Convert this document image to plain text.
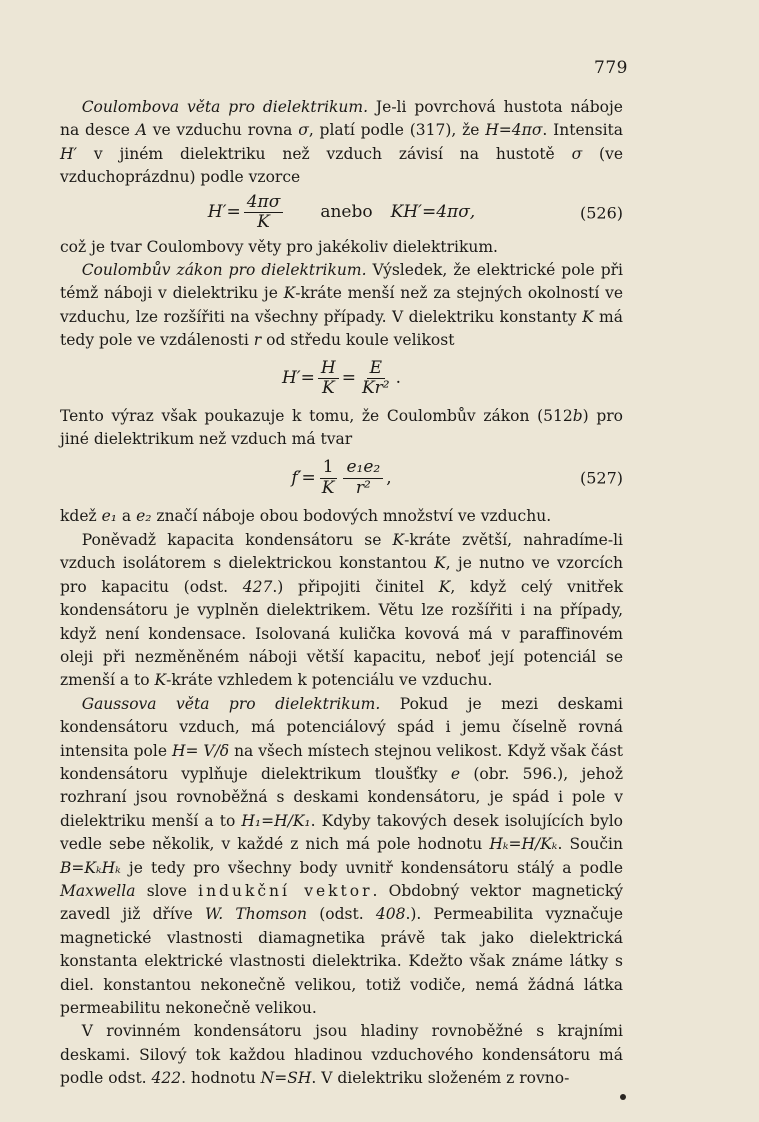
779

Coulombova věta pro dielektrikum. Je-li povrchová hustota náboje na desce A ve vzduchu rovna σ, platí podle (317), že H=4πσ. Intensita H′ v jiném dielektriku než vzduch závisí na hustotě σ (ve vzduchoprázdnu) podle vzorce

$H'= \frac{4\pi\sigma}{K}$ anebo KH′=4πσ,	(526)

což je tvar Coulombovy věty pro jakékoliv dielektrikum.

Coulombův zákon pro dielektrikum. Výsledek, že elektrické pole při témž náboji v dielektriku je K-kráte menší než za stejných okolností ve vzduchu, lze rozšířiti na všechny případy. V dielektriku konstanty K má tedy pole ve vzdálenosti r od středu koule velikost

$H'= \frac{H}{K} = \frac{E}{\text{Kr²}}$ .

Tento výraz však poukazuje k tomu, že Coulombův zákon (512b) pro jiné dielektrikum než vzduch má tvar

$f'= \frac{1}{K} \frac{\text{e₁e₂}}{\text{r²}}$ ,	(527)

kdež e₁ a e₂ značí náboje obou bodových množství ve vzduchu.

Poněvadž kapacita kondensátoru se K-kráte zvětší, nahradíme-li vzduch isolátorem s dielektrickou konstantou K, je nutno ve vzorcích pro kapacitu (odst. 427.) připojiti činitel K, když celý vnitřek kondensátoru je vyplněn dielektrikem. Větu lze rozšířiti i na případy, když není kondensace. Isolovaná kulička kovová má v paraffinovém oleji při nezměněném náboji větší kapacitu, neboť její potenciál se zmenší a to K-kráte vzhledem k potenciálu ve vzduchu.

Gaussova věta pro dielektrikum. Pokud je mezi deskami kondensátoru vzduch, má potenciálový spád i jemu číselně rovná intensita pole H= V/δ na všech místech stejnou velikost. Když však část kondensátoru vyplňuje dielektrikum tloušťky e (obr. 596.), jehož rozhraní jsou rovnoběžná s deskami kondensátoru, je spád i pole v dielektriku menší a to H₁=H/K₁. Kdyby takových desek isolujících bylo vedle sebe několik, v každé z nich má pole hodnotu Hₖ=H/Kₖ. Součin B=KₖHₖ je tedy pro všechny body uvnitř kondensátoru stálý a podle Maxwella slove indukční vektor. Obdobný vektor magnetický zavedl již dříve W. Thomson (odst. 408.). Permeabilita vyznačuje magnetické vlastnosti diamagnetika právě tak jako dielektrická konstanta elektrické vlastnosti dielektrika. Kdežto však známe látky s diel. konstantou nekonečně velikou, totiž vodiče, nemá žádná látka permeabilitu nekonečně velikou.

V rovinném kondensátoru jsou hladiny rovnoběžné s krajními deskami. Silový tok každou hladinou vzduchového kondensátoru má podle odst. 422. hodnotu N=SH. V dielektriku složeném z rovno-
